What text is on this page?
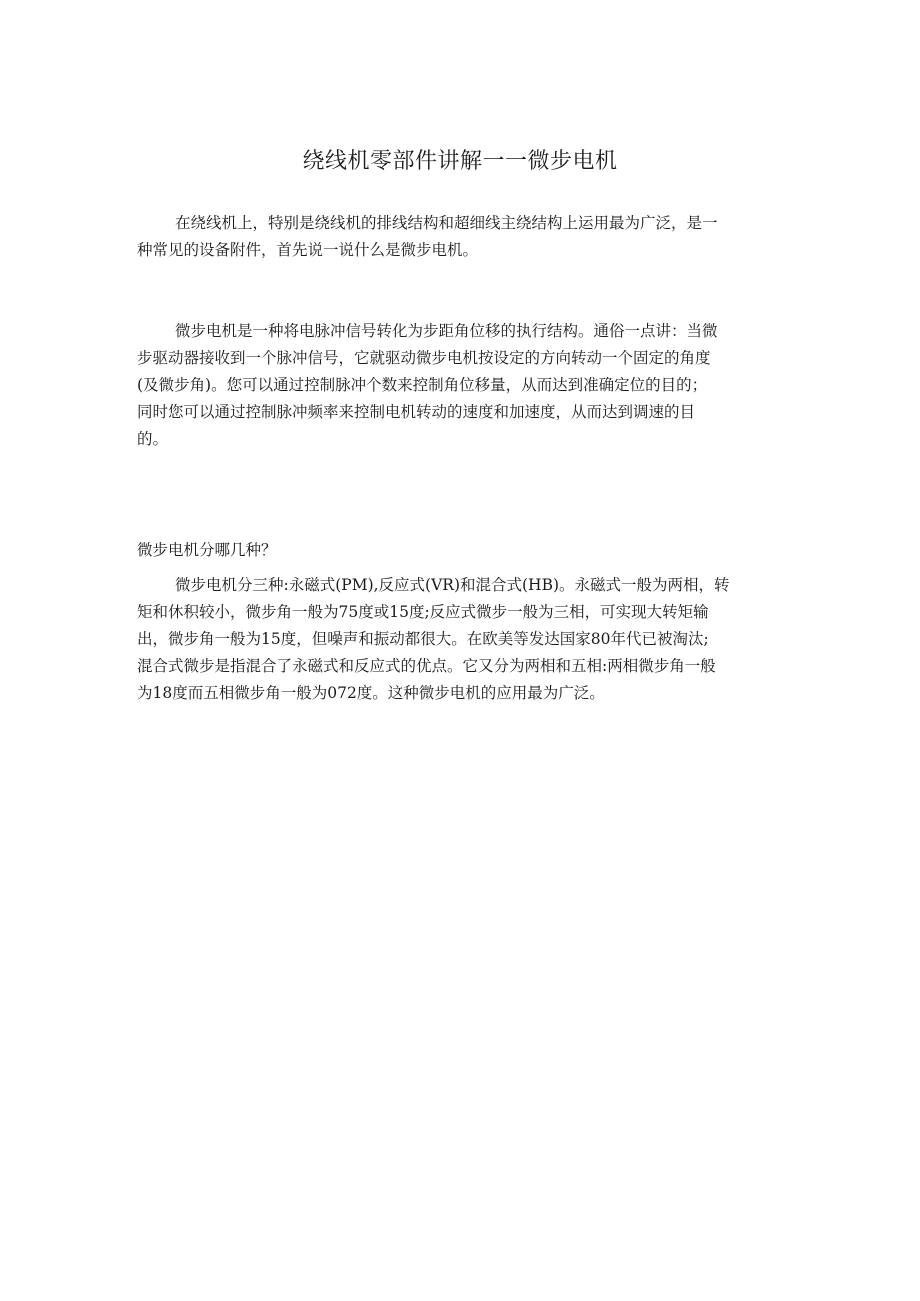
绕线机零部件讲解一一微步电机
在绕线机上，特别是绕线机的排线结构和超细线主绕结构上运用最为广泛，是一
种常见的设备附件，首先说一说什么是微步电机。
微步电机是一种将电脉冲信号转化为步距角位移的执行结构。通俗一点讲：当微
步驱动器接收到一个脉冲信号，它就驱动微步电机按设定的方向转动一个固定的角度
(及微步角)。您可以通过控制脉冲个数来控制角位移量，从而达到准确定位的目的；
同时您可以通过控制脉冲频率来控制电机转动的速度和加速度，从而达到调速的目
的。
微步电机分哪几种？
微步电机分三种:永磁式(PM),反应式(VR)和混合式(HB)。永磁式一般为两相，转
矩和休积较小，微步角一般为75度或15度;反应式微步一般为三相，可实现大转矩输
出，微步角一般为15度，但噪声和振动都很大。在欧美等发达国家80年代已被淘汰;
混合式微步是指混合了永磁式和反应式的优点。它又分为两相和五相:两相微步角一般
为18度而五相微步角一般为072度。这种微步电机的应用最为广泛。
